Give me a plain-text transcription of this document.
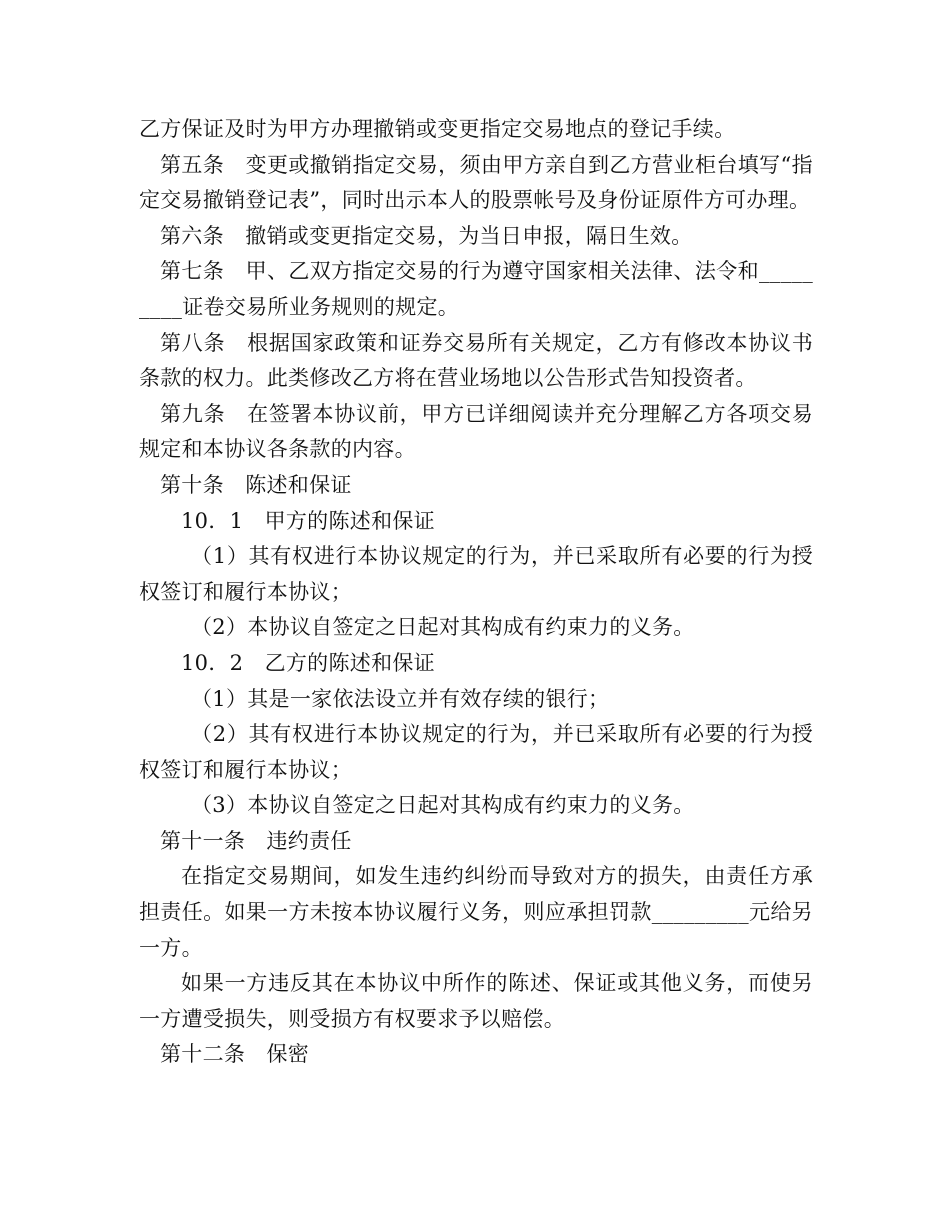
乙方保证及时为甲方办理撤销或变更指定交易地点的登记手续。

第五条　变更或撤销指定交易，须由甲方亲自到乙方营业柜台填写“指定交易撤销登记表”，同时出示本人的股票帐号及身份证原件方可办理。

第六条　撤销或变更指定交易，为当日申报，隔日生效。

第七条　甲、乙双方指定交易的行为遵守国家相关法律、法令和_________证卷交易所业务规则的规定。

第八条　根据国家政策和证券交易所有关规定，乙方有修改本协议书条款的权力。此类修改乙方将在营业场地以公告形式告知投资者。

第九条　在签署本协议前，甲方已详细阅读并充分理解乙方各项交易规定和本协议各条款的内容。

第十条　陈述和保证

10．1　甲方的陈述和保证

（1）其有权进行本协议规定的行为，并已采取所有必要的行为授权签订和履行本协议；

（2）本协议自签定之日起对其构成有约束力的义务。

10．2　乙方的陈述和保证

（1）其是一家依法设立并有效存续的银行；

（2）其有权进行本协议规定的行为，并已采取所有必要的行为授权签订和履行本协议；

（3）本协议自签定之日起对其构成有约束力的义务。

第十一条　违约责任

在指定交易期间，如发生违约纠纷而导致对方的损失，由责任方承担责任。如果一方未按本协议履行义务，则应承担罚款_________元给另一方。

如果一方违反其在本协议中所作的陈述、保证或其他义务，而使另一方遭受损失，则受损方有权要求予以赔偿。

第十二条　保密
